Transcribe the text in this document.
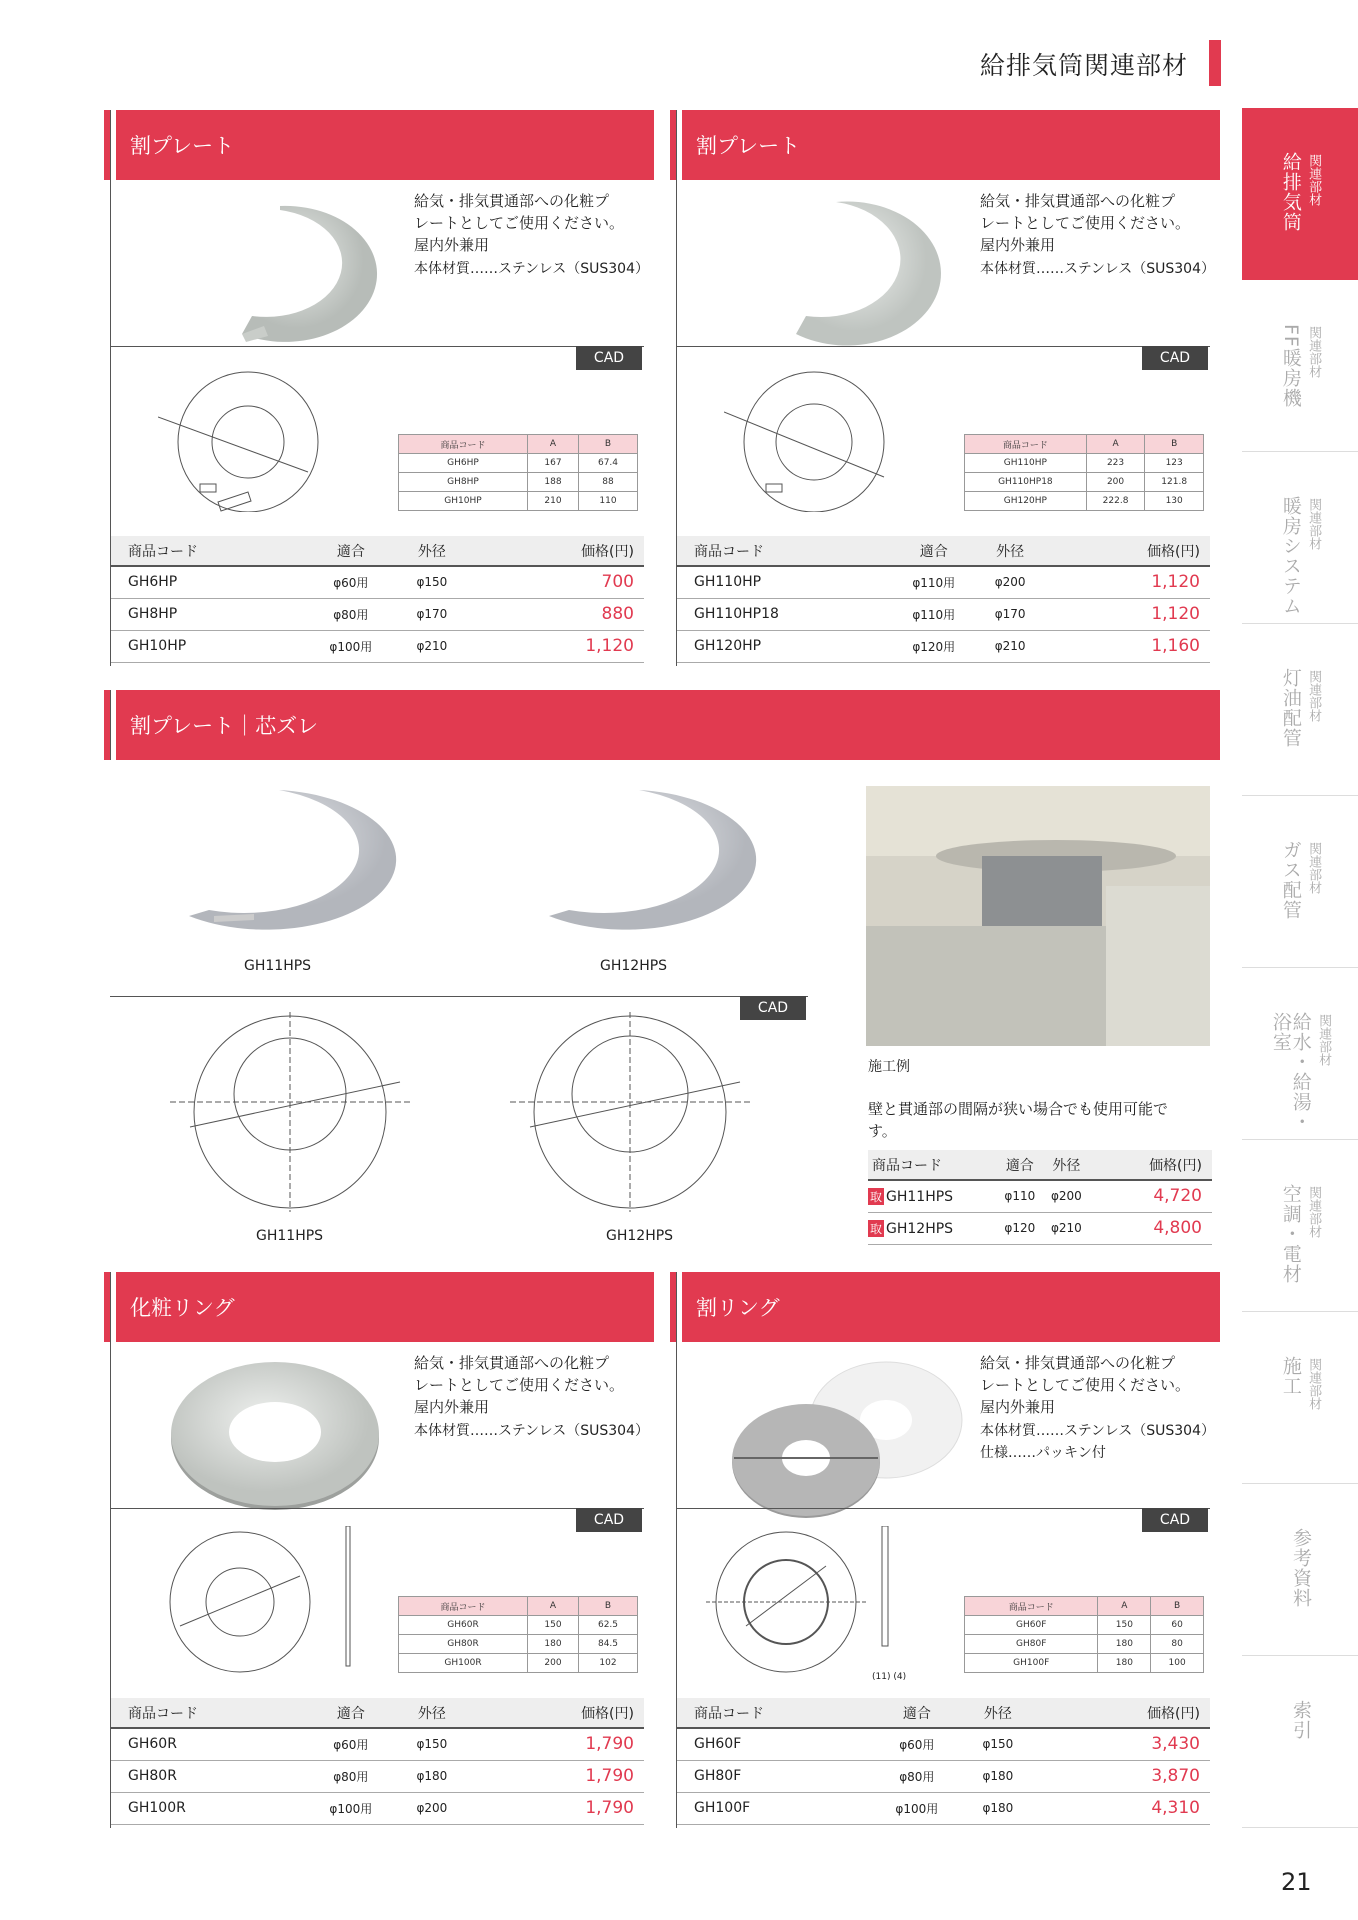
給排気筒関連部材
給排気筒 関連部材
FF暖房機 関連部材
暖房システム 関連部材
灯油配管 関連部材
ガス配管 関連部材
給水・給湯・浴室	関連部材
空調・電材 関連部材
施工 関連部材
参考資料
索引
21
割プレート
給気・排気貫通部への化粧プ
レートとしてご使用ください。
屋内外兼用
本体材質……ステンレス（SUS304）
CAD
商品コード	A	B
GH6HP	167	67.4
GH8HP	188	88
GH10HP	210	110
商品コード	適合	外径	価格(円)
GH6HP	φ60用	φ150	700
GH8HP	φ80用	φ170	880
GH10HP	φ100用	φ210	1,120
割プレート
給気・排気貫通部への化粧プ
レートとしてご使用ください。
屋内外兼用
本体材質……ステンレス（SUS304）
CAD
商品コード	A	B
GH110HP	223	123
GH110HP18	200	121.8
GH120HP	222.8	130
商品コード	適合	外径	価格(円)
GH110HP	φ110用	φ200	1,120
GH110HP18	φ110用	φ170	1,120
GH120HP	φ120用	φ210	1,160
割プレート｜芯ズレ
GH11HPS	GH12HPS
CAD
GH11HPS	GH12HPS
施工例
壁と貫通部の間隔が狭い場合でも使用可能で
す。
商品コード	適合	外径	価格(円)
取 GH11HPS	φ110	φ200	4,720
取 GH12HPS	φ120	φ210	4,800
化粧リング
給気・排気貫通部への化粧プ
レートとしてご使用ください。
屋内外兼用
本体材質……ステンレス（SUS304）
CAD
商品コード	A	B
GH60R	150	62.5
GH80R	180	84.5
GH100R	200	102
商品コード	適合	外径	価格(円)
GH60R	φ60用	φ150	1,790
GH80R	φ80用	φ180	1,790
GH100R	φ100用	φ200	1,790
割リング
給気・排気貫通部への化粧プ
レートとしてご使用ください。
屋内外兼用
本体材質……ステンレス（SUS304）
仕様……パッキン付
CAD
(11) (4)
商品コード	A	B
GH60F	150	60
GH80F	180	80
GH100F	180	100
商品コード	適合	外径	価格(円)
GH60F	φ60用	φ150	3,430
GH80F	φ80用	φ180	3,870
GH100F	φ100用	φ180	4,310
